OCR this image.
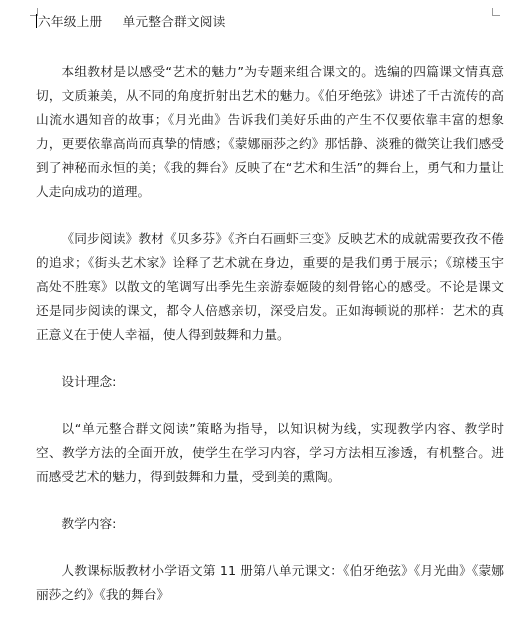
六年级上册 单元整合群文阅读

本组教材是以感受“艺术的魅力”为专题来组合课文的。选编的四篇课文情真意切，文质兼美，从不同的角度折射出艺术的魅力。《伯牙绝弦》讲述了千古流传的高山流水遇知音的故事；《月光曲》告诉我们美好乐曲的产生不仅要依靠丰富的想象力，更要依靠高尚而真挚的情感；《蒙娜丽莎之约》那恬静、淡雅的微笑让我们感受到了神秘而永恒的美；《我的舞台》反映了在“艺术和生活”的舞台上，勇气和力量让人走向成功的道理。

《同步阅读》教材《贝多芬》《齐白石画虾三变》反映艺术的成就需要孜孜不倦的追求；《街头艺术家》诠释了艺术就在身边，重要的是我们勇于展示；《琼楼玉宇高处不胜寒》以散文的笔调写出季先生亲游泰姬陵的刻骨铭心的感受。不论是课文还是同步阅读的课文，都令人倍感亲切，深受启发。正如海顿说的那样：艺术的真正意义在于使人幸福，使人得到鼓舞和力量。

设计理念:

以“单元整合群文阅读”策略为指导，以知识树为线，实现教学内容、教学时空、教学方法的全面开放，使学生在学习内容，学习方法相互渗透，有机整合。进而感受艺术的魅力，得到鼓舞和力量，受到美的熏陶。

教学内容:

人教课标版教材小学语文第 11 册第八单元课文：《伯牙绝弦》《月光曲》《蒙娜丽莎之约》《我的舞台》
